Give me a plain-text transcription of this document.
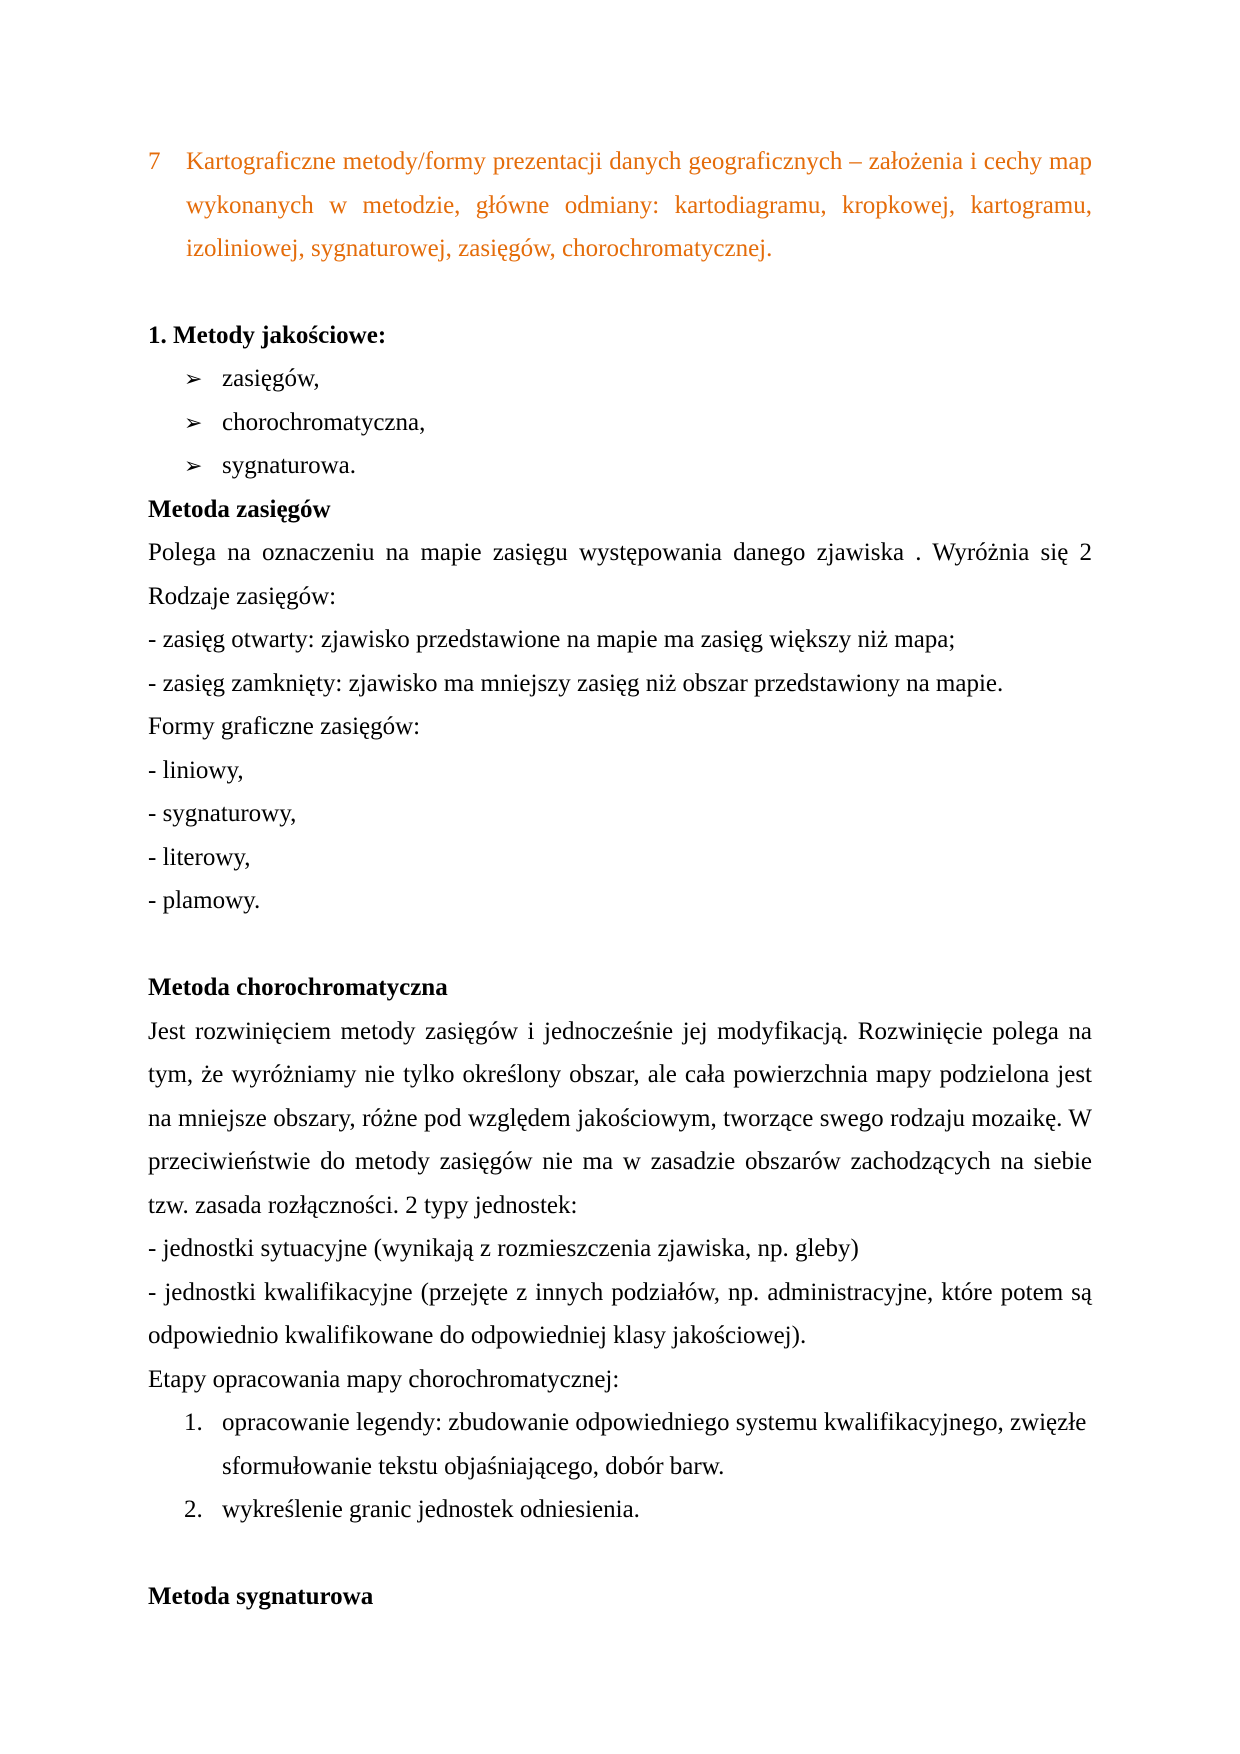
7	Kartograficzne metody/formy prezentacji danych geograficznych – założenia i cechy map wykonanych w metodzie, główne odmiany: kartodiagramu, kropkowej, kartogramu, izoliniowej, sygnaturowej, zasięgów, chorochromatycznej.

1. Metody jakościowe:

➢ zasięgów,
➢ chorochromatyczna,
➢ sygnaturowa.

Metoda zasięgów

Polega na oznaczeniu na mapie zasięgu występowania danego zjawiska . Wyróżnia się 2 Rodzaje zasięgów:

- zasięg otwarty: zjawisko przedstawione na mapie ma zasięg większy niż mapa;

- zasięg zamknięty: zjawisko ma mniejszy zasięg niż obszar przedstawiony na mapie.

Formy graficzne zasięgów:

- liniowy,

- sygnaturowy,

- literowy,

- plamowy.

Metoda chorochromatyczna

Jest rozwinięciem metody zasięgów i jednocześnie jej modyfikacją. Rozwinięcie polega na tym, że wyróżniamy nie tylko określony obszar, ale cała powierzchnia mapy podzielona jest na mniejsze obszary, różne pod względem jakościowym, tworzące swego rodzaju mozaikę. W przeciwieństwie do metody zasięgów nie ma w zasadzie obszarów zachodzących na siebie tzw. zasada rozłączności. 2 typy jednostek:

- jednostki sytuacyjne (wynikają z rozmieszczenia zjawiska, np. gleby)

- jednostki kwalifikacyjne (przejęte z innych podziałów, np. administracyjne, które potem są odpowiednio kwalifikowane do odpowiedniej klasy jakościowej).

Etapy opracowania mapy chorochromatycznej:

1. opracowanie legendy: zbudowanie odpowiedniego systemu kwalifikacyjnego, zwięzłe sformułowanie tekstu objaśniającego, dobór barw.
2. wykreślenie granic jednostek odniesienia.

Metoda sygnaturowa
